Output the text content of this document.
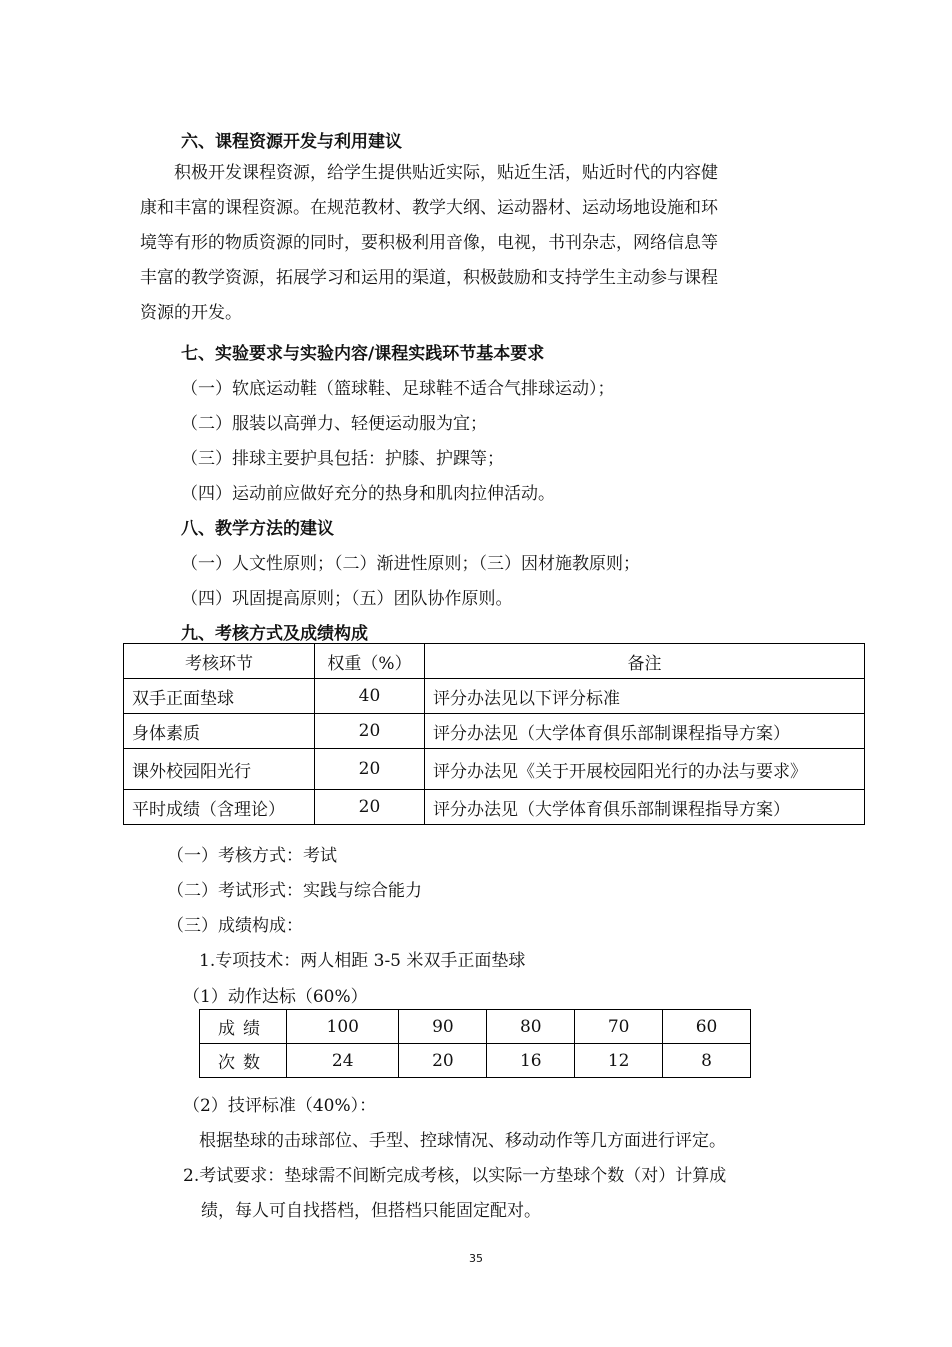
六、课程资源开发与利用建议
　　积极开发课程资源，给学生提供贴近实际，贴近生活，贴近时代的内容健
康和丰富的课程资源。在规范教材、教学大纲、运动器材、运动场地设施和环
境等有形的物质资源的同时，要积极利用音像，电视，书刊杂志，网络信息等
丰富的教学资源，拓展学习和运用的渠道，积极鼓励和支持学生主动参与课程
资源的开发。
七、实验要求与实验内容/课程实践环节基本要求
（一）软底运动鞋（篮球鞋、足球鞋不适合气排球运动）；
（二）服装以高弹力、轻便运动服为宜；
（三）排球主要护具包括：护膝、护踝等；
（四）运动前应做好充分的热身和肌肉拉伸活动。
八、教学方法的建议
（一）人文性原则；（二）渐进性原则；（三）因材施教原则；
（四）巩固提高原则；（五）团队协作原则。
九、考核方式及成绩构成
考核环节	权重（%）	备注
双手正面垫球	40	评分办法见以下评分标准
身体素质	20	评分办法见（大学体育俱乐部制课程指导方案）
课外校园阳光行	20	评分办法见《关于开展校园阳光行的办法与要求》
平时成绩（含理论）	20	评分办法见（大学体育俱乐部制课程指导方案）
（一）考核方式：考试
（二）考试形式：实践与综合能力
（三）成绩构成：
1.专项技术：两人相距 3-5 米双手正面垫球
（1）动作达标（60%）
成绩	100	90	80	70	60
次数	24	20	16	12	8
（2）技评标准（40%）：
根据垫球的击球部位、手型、控球情况、移动动作等几方面进行评定。
2.考试要求：垫球需不间断完成考核，以实际一方垫球个数（对）计算成
绩，每人可自找搭档，但搭档只能固定配对。
35
